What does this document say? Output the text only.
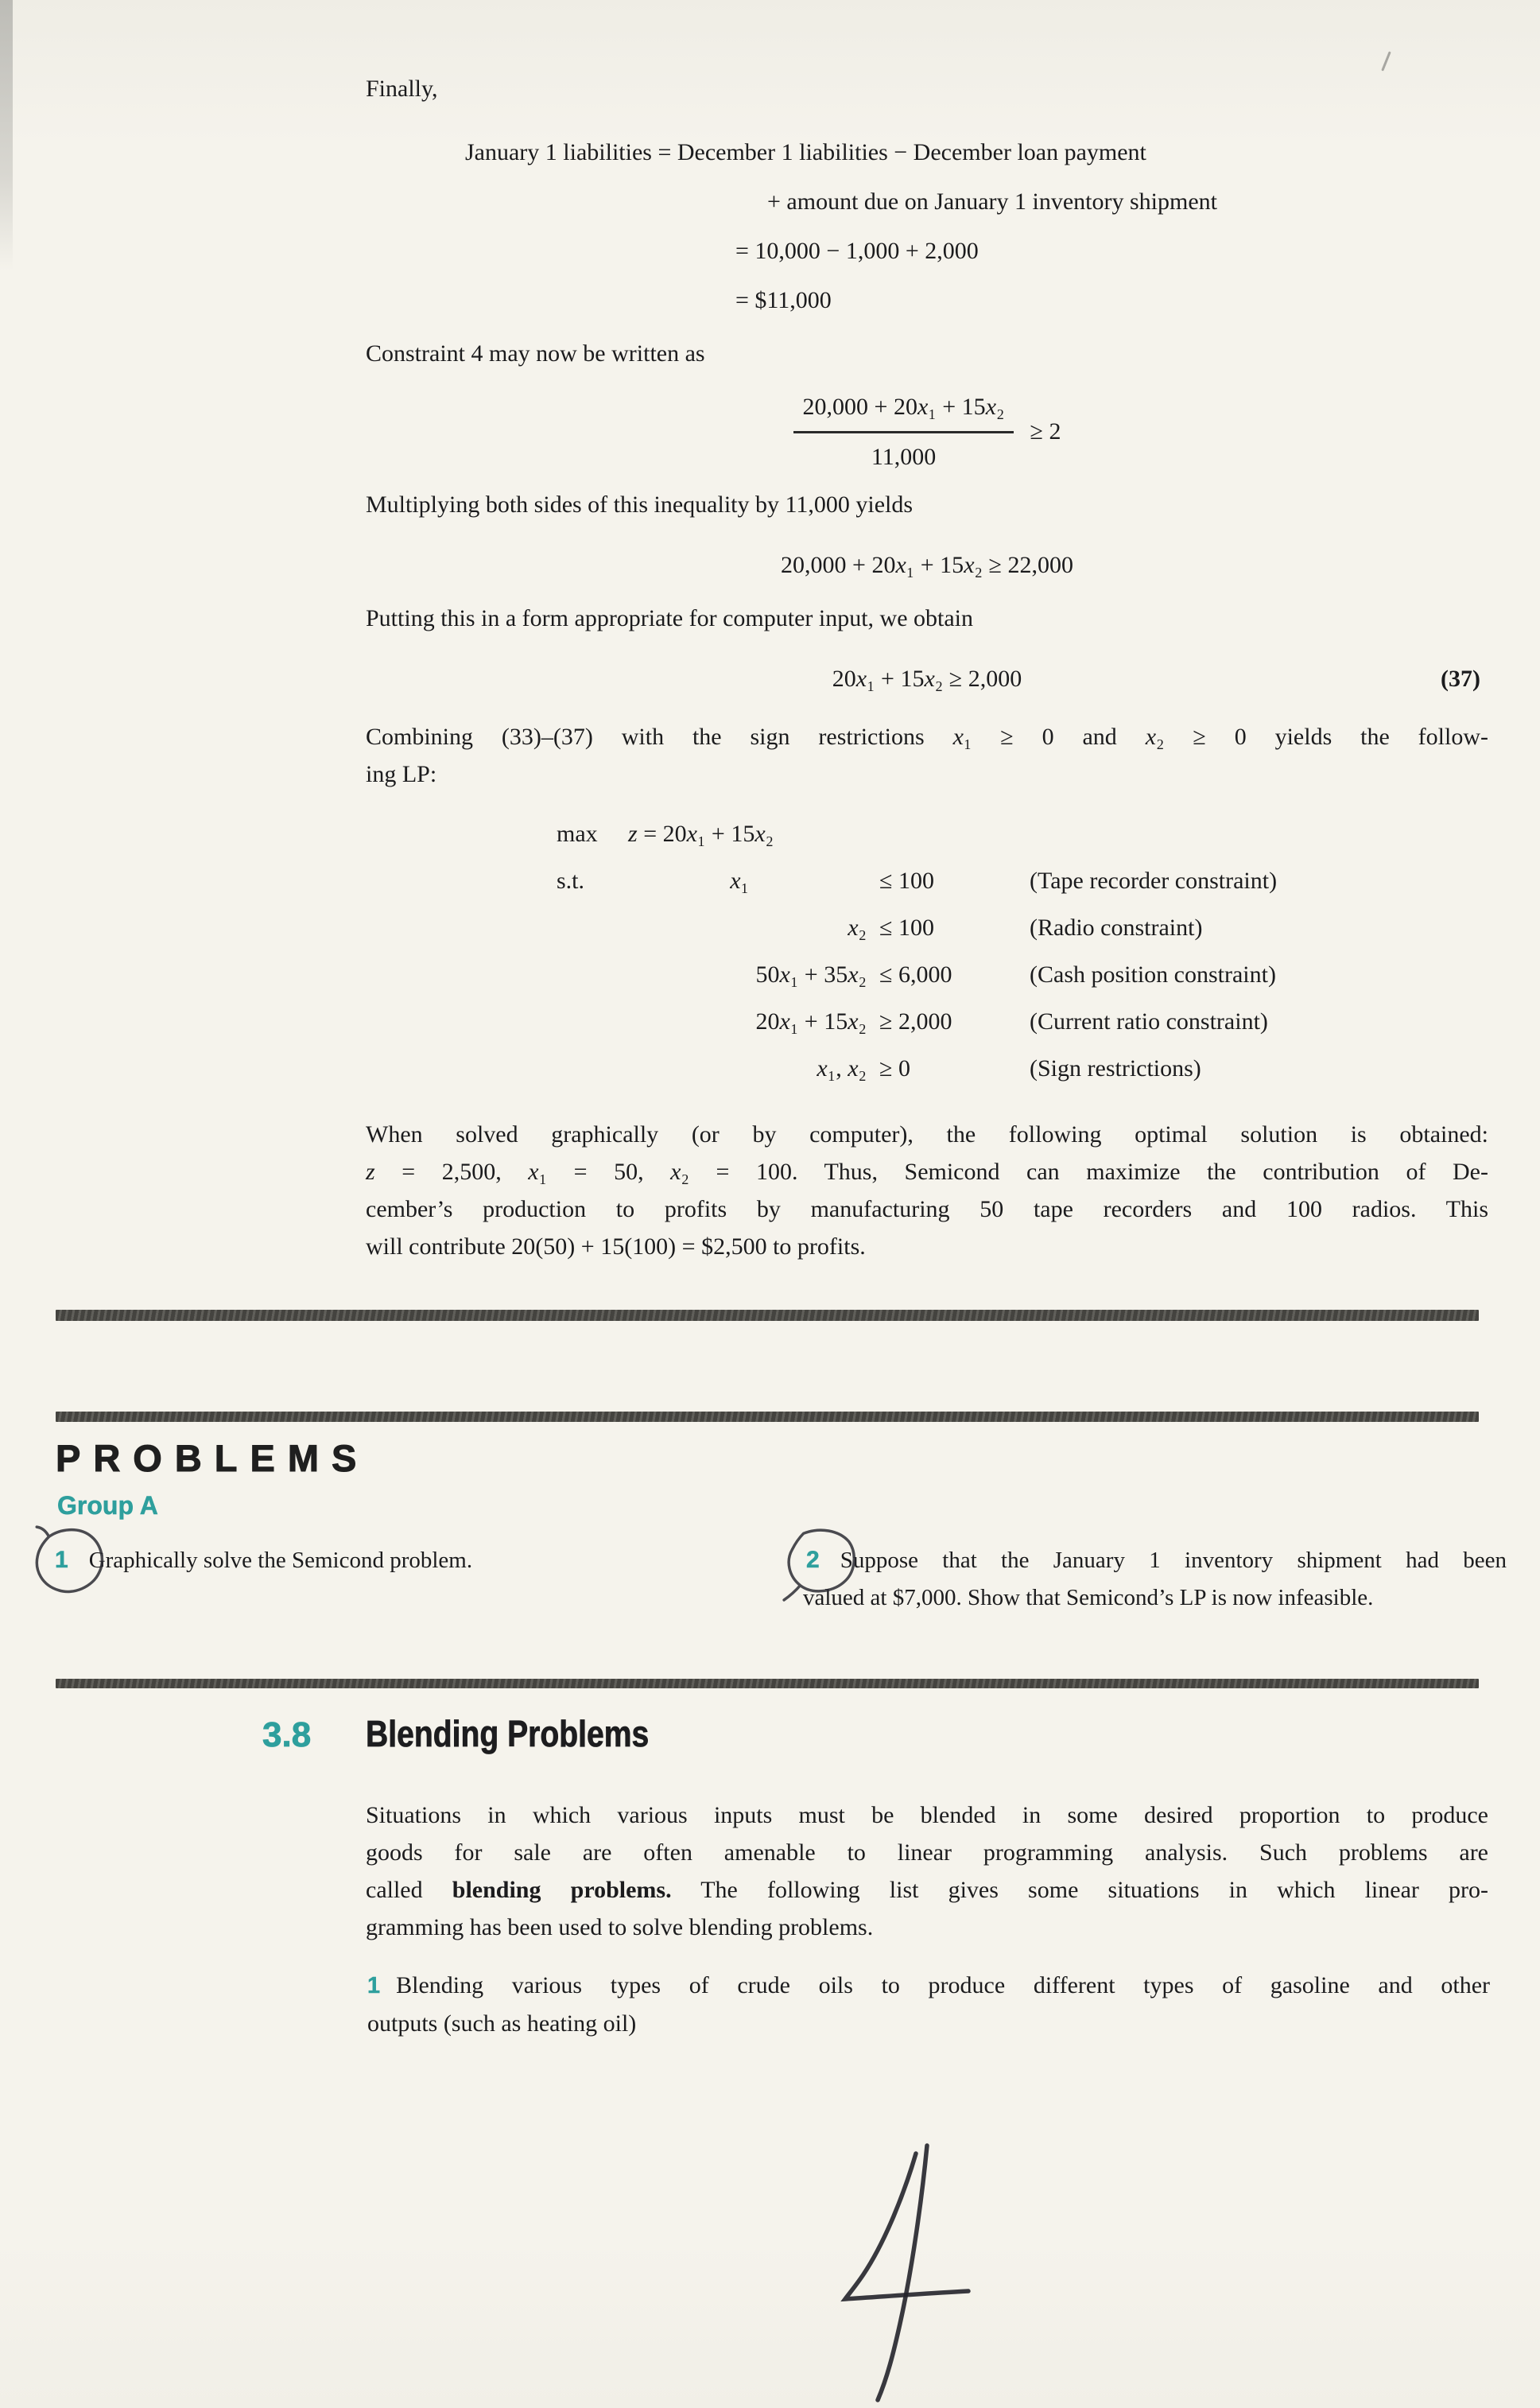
Finally,

January 1 liabilities = December 1 liabilities − December loan payment
+ amount due on January 1 inventory shipment
= 10,000 − 1,000 + 2,000
= $11,000

Constraint 4 may now be written as

$\frac{\text{20,000 + 20x₁ + 15x₂}}{11,000} \ge 2$

Multiplying both sides of this inequality by 11,000 yields

20,000 + 20x₁ + 15x₂ ≥ 22,000

Putting this in a form appropriate for computer input, we obtain

20x₁ + 15x₂ ≥ 2,000	(37)
Combining (33)–(37) with the sign restrictions x₁ ≥ 0 and x₂ ≥ 0 yields the follow-
ing LP:
max	z = 20x₁ + 15x₂
s.t.	x₁	≤ 100	(Tape recorder constraint)
x₂ ≤ 100	(Radio constraint)
50x₁ + 35x₂ ≤ 6,000	(Cash position constraint)
20x₁ + 15x₂ ≥ 2,000	(Current ratio constraint)
x₁, x₂ ≥ 0	(Sign restrictions)
When solved graphically (or by computer), the following optimal solution is obtained:
z = 2,500, x₁ = 50, x₂ = 100. Thus, Semicond can maximize the contribution of De-
cember’s production to profits by manufacturing 50 tape recorders and 100 radios. This
will contribute 20(50) + 15(100) = $2,500 to profits.
PROBLEMS
Group A
1 Graphically solve the Semicond problem.	2 Suppose that the January 1 inventory shipment had been
valued at $7,000. Show that Semicond’s LP is now infeasible.
3.8	Blending Problems
Situations in which various inputs must be blended in some desired proportion to produce
goods for sale are often amenable to linear programming analysis. Such problems are
called blending problems. The following list gives some situations in which linear pro-
gramming has been used to solve blending problems.
1 Blending various types of crude oils to produce different types of gasoline and other
outputs (such as heating oil)
